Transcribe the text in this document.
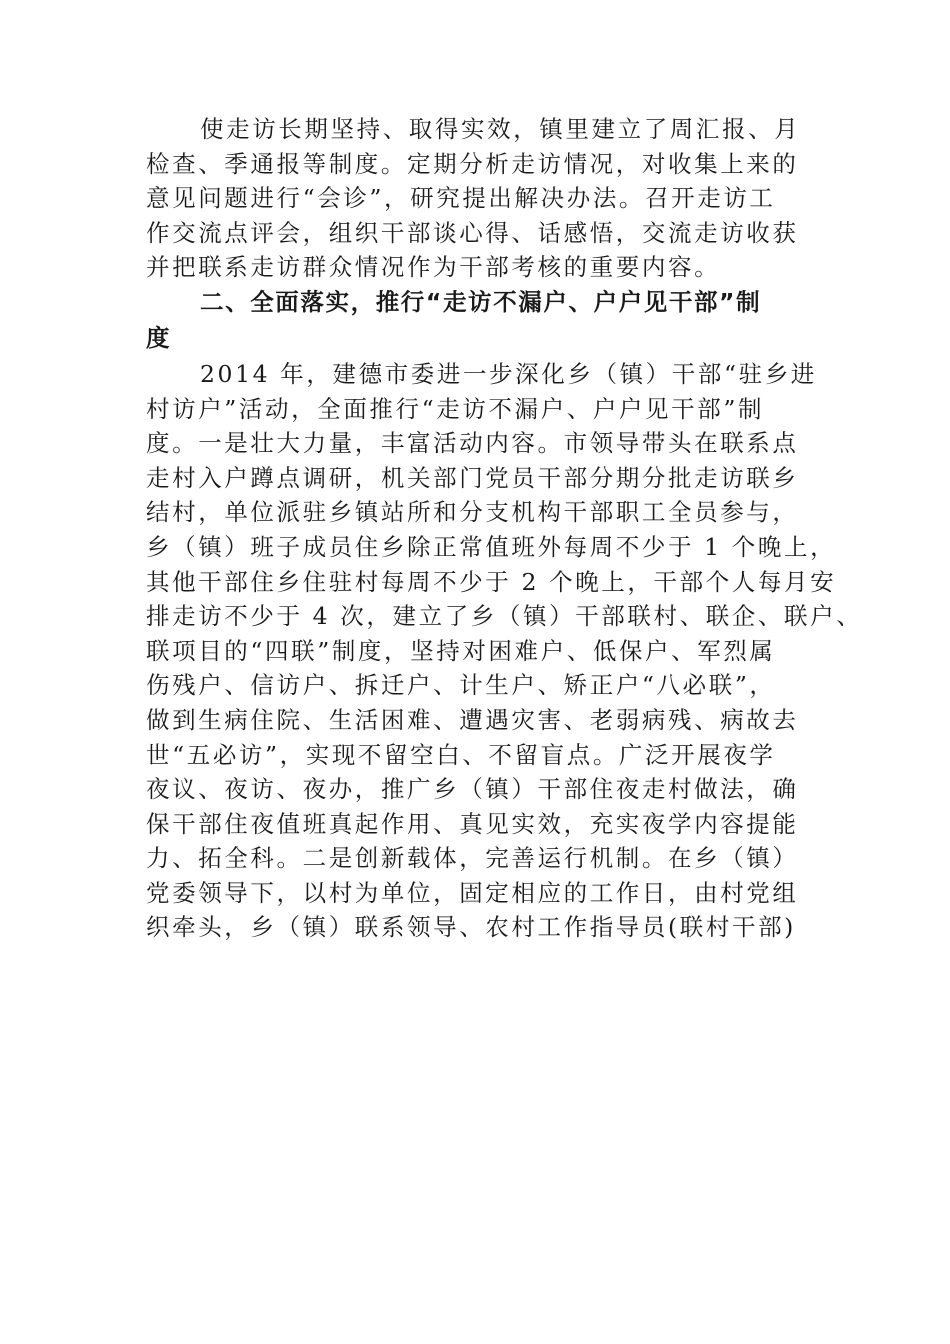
使走访长期坚持、取得实效，镇里建立了周汇报、月
检查、季通报等制度。定期分析走访情况，对收集上来的
意见问题进行“会诊”，研究提出解决办法。召开走访工
作交流点评会，组织干部谈心得、话感悟，交流走访收获
并把联系走访群众情况作为干部考核的重要内容。
二、全面落实，推行“走访不漏户、户户见干部”制
度
2014 年，建德市委进一步深化乡（镇）干部“驻乡进
村访户”活动，全面推行“走访不漏户、户户见干部”制
度。一是壮大力量，丰富活动内容。市领导带头在联系点
走村入户蹲点调研，机关部门党员干部分期分批走访联乡
结村，单位派驻乡镇站所和分支机构干部职工全员参与，
乡（镇）班子成员住乡除正常值班外每周不少于 1 个晚上，
其他干部住乡住驻村每周不少于 2 个晚上，干部个人每月安
排走访不少于 4 次，建立了乡（镇）干部联村、联企、联户、
联项目的“四联”制度，坚持对困难户、低保户、军烈属
伤残户、信访户、拆迁户、计生户、矫正户“八必联”，
做到生病住院、生活困难、遭遇灾害、老弱病残、病故去
世“五必访”，实现不留空白、不留盲点。广泛开展夜学
夜议、夜访、夜办，推广乡（镇）干部住夜走村做法，确
保干部住夜值班真起作用、真见实效，充实夜学内容提能
力、拓全科。二是创新载体，完善运行机制。在乡（镇）
党委领导下，以村为单位，固定相应的工作日，由村党组
织牵头，乡（镇）联系领导、农村工作指导员(联村干部)
